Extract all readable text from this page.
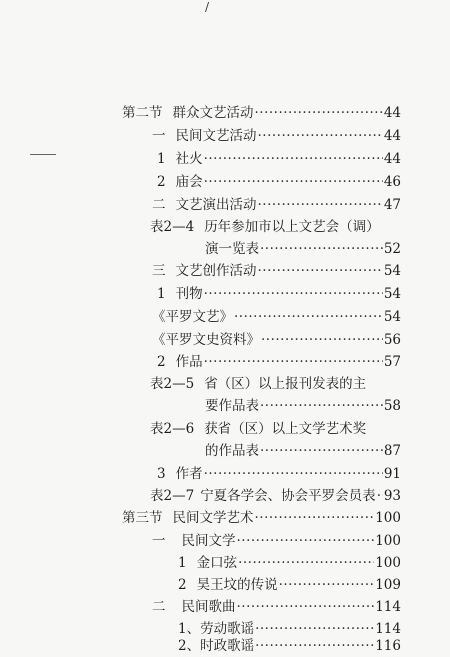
/
第二节 群众文艺活动 ·····	44
一 民间文艺活动 ·····	44
1 社火 ·····	44
2 庙会 ·····	46
二 文艺演出活动 ·····	47
表2—4 历年参加市以上文艺会（调）
演一览表 ·····	52
三 文艺创作活动 ·····	54
1 刊物 ·····	54
《平罗文艺》 ·····	54
《平罗文史资料》 ·····	56
2 作品 ·····	57
表2—5 省（区）以上报刊发表的主
要作品表 ·····	58
表2—6 获省（区）以上文学艺术奖
的作品表 ·····	87
3 作者 ·····	91
表2—7 宁夏各学会、协会平罗会员表 ····· 93
第三节 民间文学艺术 ·····	100
一 民间文学 ·····	100
1 金口弦 ·····	100
2 昊王坟的传说 ·····	109
二 民间歌曲 ·····	114
1、劳动歌谣 ·····	114
2、时政歌谣 ·····	116
